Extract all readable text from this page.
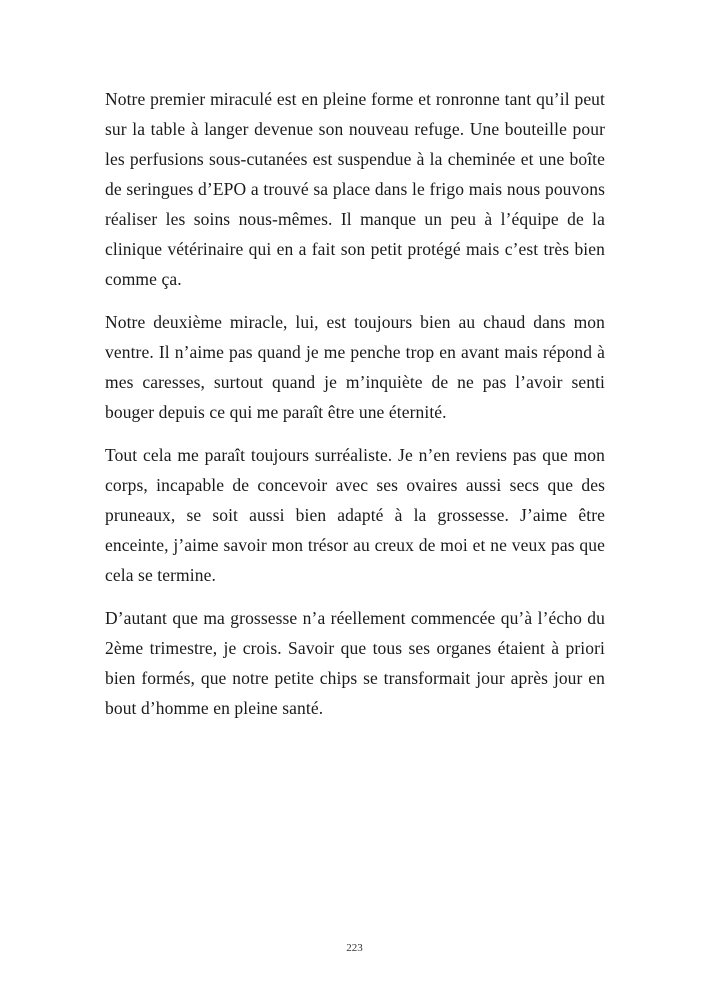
Notre premier miraculé est en pleine forme et ronronne tant qu’il peut sur la table à langer devenue son nouveau refuge. Une bouteille pour les perfusions sous-cutanées est suspendue à la cheminée et une boîte de seringues d’EPO a trouvé sa place dans le frigo mais nous pouvons réaliser les soins nous-mêmes. Il manque un peu à l’équipe de la clinique vétérinaire qui en a fait son petit protégé mais c’est très bien comme ça.

Notre deuxième miracle, lui, est toujours bien au chaud dans mon ventre. Il n’aime pas quand je me penche trop en avant mais répond à mes caresses, surtout quand je m’inquiète de ne pas l’avoir senti bouger depuis ce qui me paraît être une éternité.

Tout cela me paraît toujours surréaliste. Je n’en reviens pas que mon corps, incapable de concevoir avec ses ovaires aussi secs que des pruneaux, se soit aussi bien adapté à la grossesse. J’aime être enceinte, j’aime savoir mon trésor au creux de moi et ne veux pas que cela se termine.

D’autant que ma grossesse n’a réellement commencée qu’à l’écho du 2ème trimestre, je crois. Savoir que tous ses organes étaient à priori bien formés, que notre petite chips se transformait jour après jour en bout d’homme en pleine santé.

223
